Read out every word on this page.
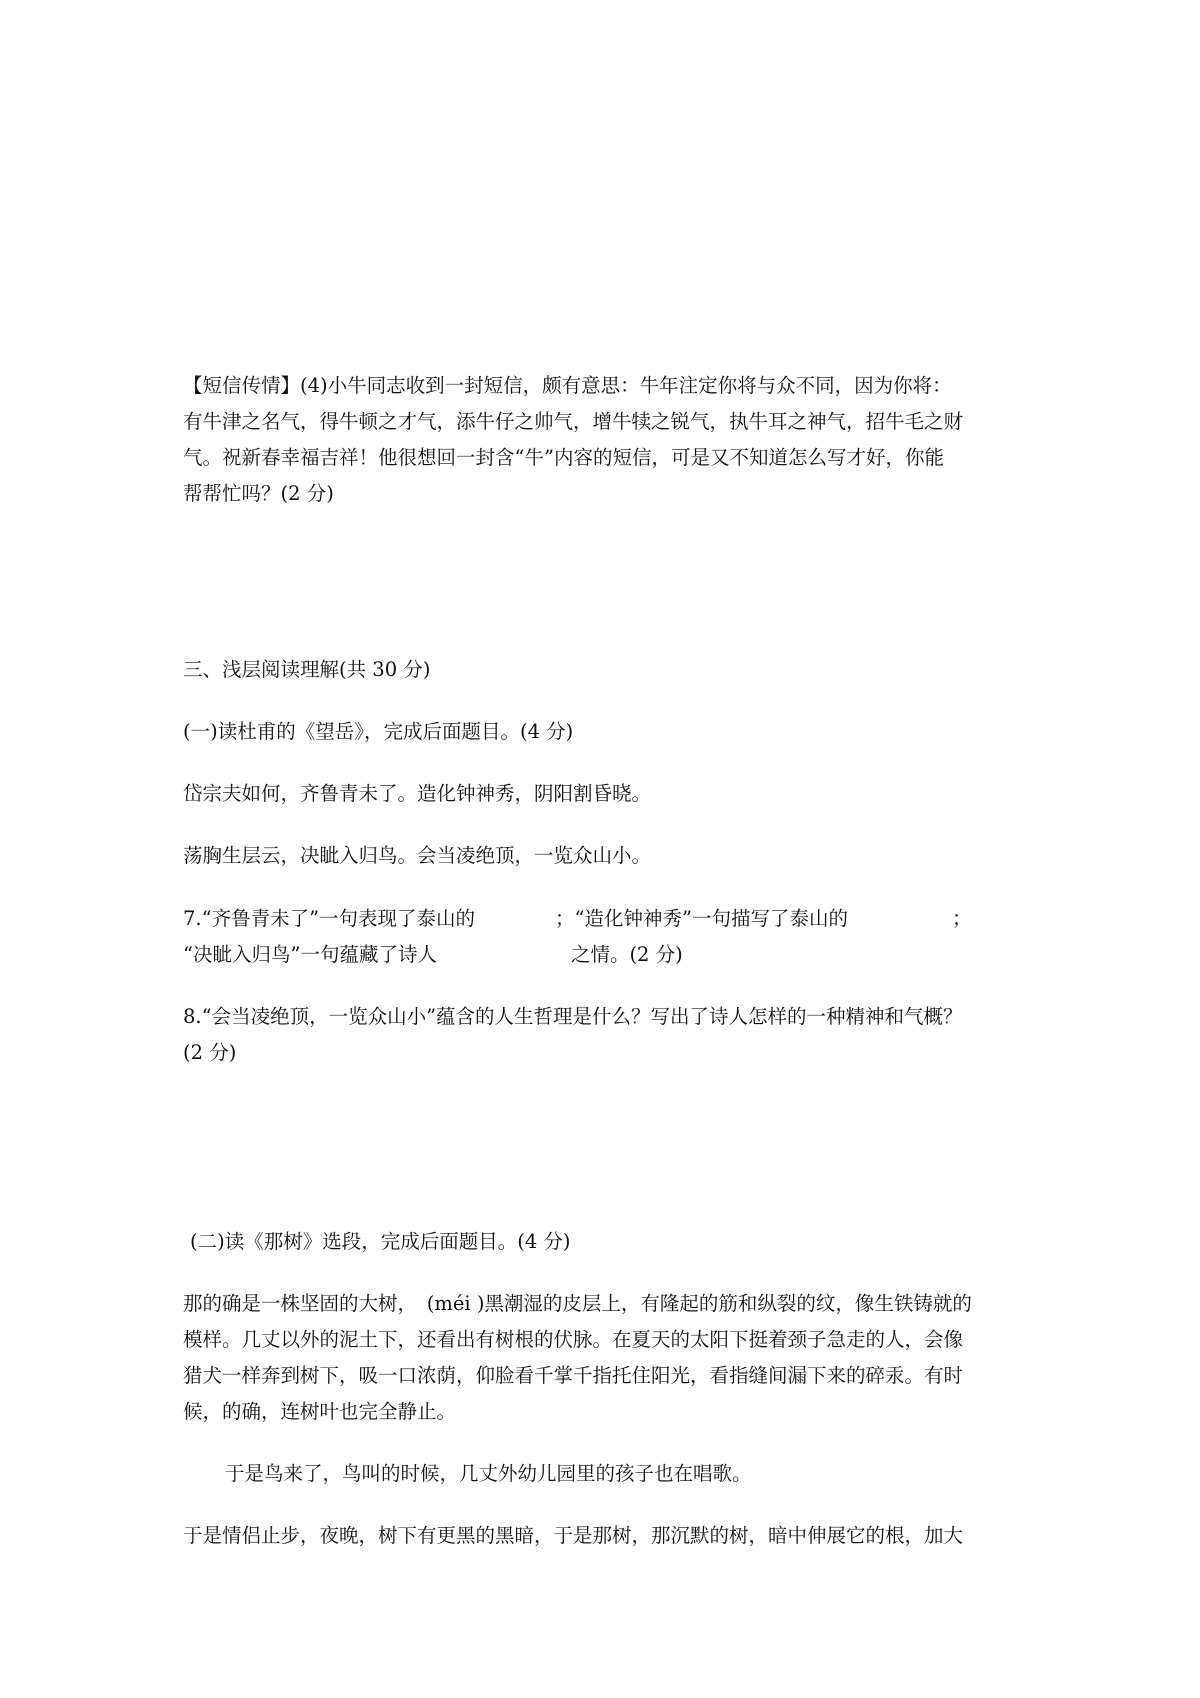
【短信传情】(4)小牛同志收到一封短信，颇有意思：牛年注定你将与众不同，因为你将：
有牛津之名气，得牛顿之才气，添牛仔之帅气，增牛犊之锐气，执牛耳之神气，招牛毛之财
气。祝新春幸福吉祥！他很想回一封含“牛”内容的短信，可是又不知道怎么写才好，你能
帮帮忙吗？(2 分)
三、浅层阅读理解(共 30 分)
(一)读杜甫的《望岳》，完成后面题目。(4 分)
岱宗夫如何，齐鲁青未了。造化钟神秀，阴阳割昏晓。
荡胸生层云，决眦入归鸟。会当凌绝顶，一览众山小。
7.“齐鲁青未了”一句表现了泰山的	；“造化钟神秀”一句描写了泰山的	；
“决眦入归鸟”一句蕴藏了诗人	之情。(2 分)
8.“会当凌绝顶，一览众山小”蕴含的人生哲理是什么？写出了诗人怎样的一种精神和气概？
(2 分)
(二)读《那树》选段，完成后面题目。(4 分)
那的确是一株坚固的大树，　(méi )黑潮湿的皮层上，有隆起的筋和纵裂的纹，像生铁铸就的
模样。几丈以外的泥土下，还看出有树根的伏脉。在夏天的太阳下挺着颈子急走的人，会像
猎犬一样奔到树下，吸一口浓荫，仰脸看千掌千指托住阳光，看指缝间漏下来的碎汞。有时
候，的确，连树叶也完全静止。
于是鸟来了，鸟叫的时候，几丈外幼儿园里的孩子也在唱歌。
于是情侣止步，夜晚，树下有更黑的黑暗，于是那树，那沉默的树，暗中伸展它的根，加大
